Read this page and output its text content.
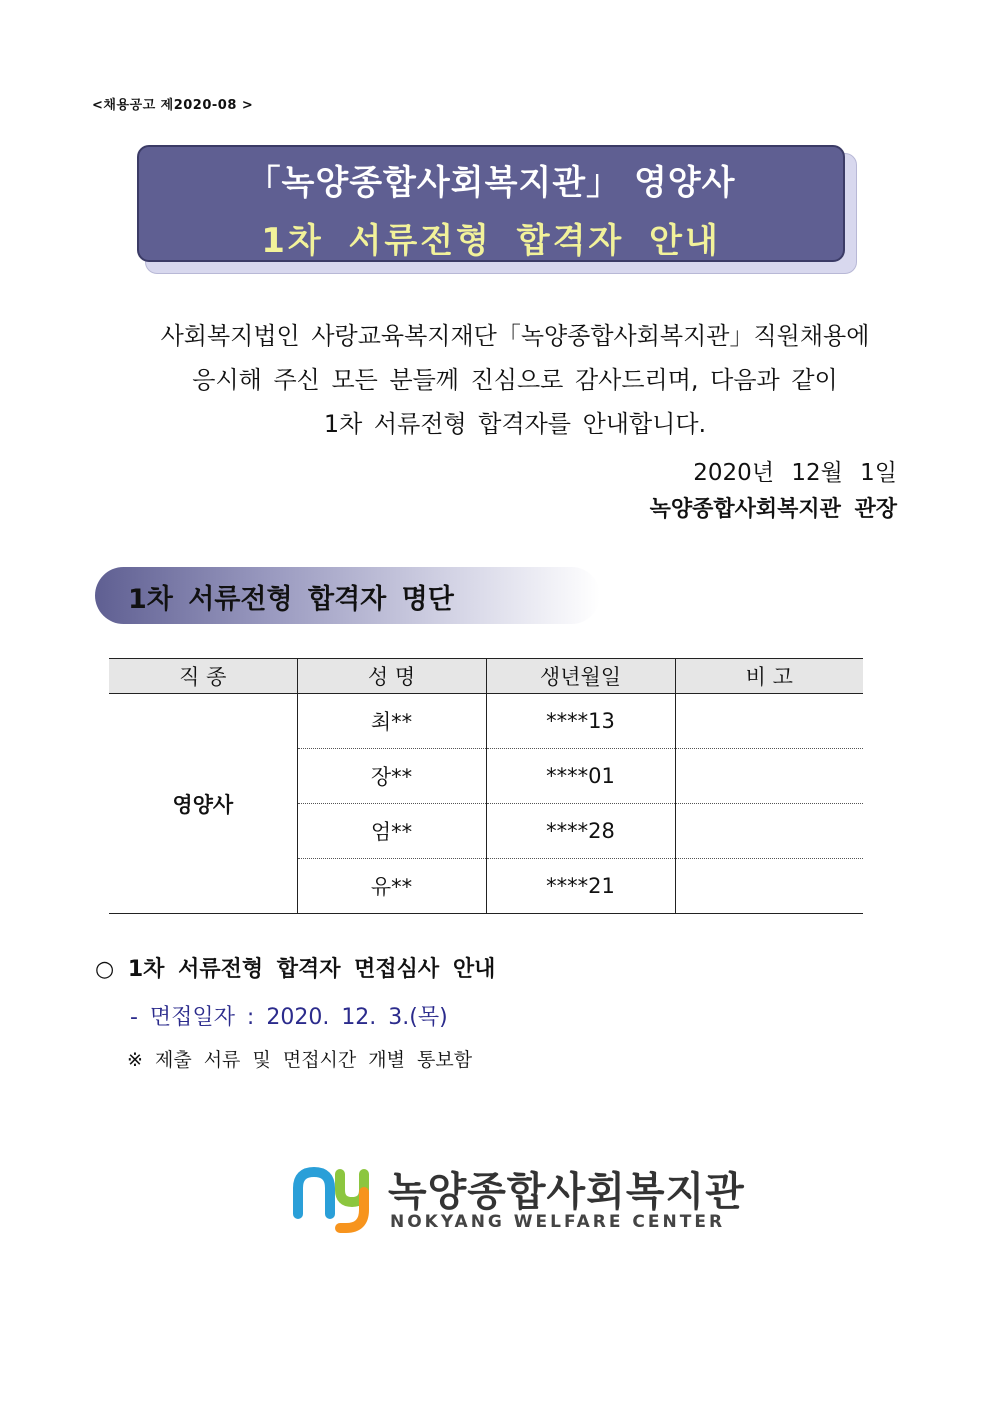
<채용공고 제2020-08 >
「녹양종합사회복지관」 영양사
1차 서류전형 합격자 안내
사회복지법인 사랑교육복지재단「녹양종합사회복지관」직원채용에
응시해 주신 모든 분들께 진심으로 감사드리며, 다음과 같이
1차 서류전형 합격자를 안내합니다.
2020년 12월 1일
녹양종합사회복지관 관장
1차 서류전형 합격자 명단
직 종	성 명	생년월일	비 고
영양사	최**	****13	
	장**	****01	
	엄**	****28	
	유**	****21	
○ 1차 서류전형 합격자 면접심사 안내
- 면접일자 : 2020. 12. 3.(목)
※ 제출 서류 및 면접시간 개별 통보함
녹양종합사회복지관
NOKYANG WELFARE CENTER
